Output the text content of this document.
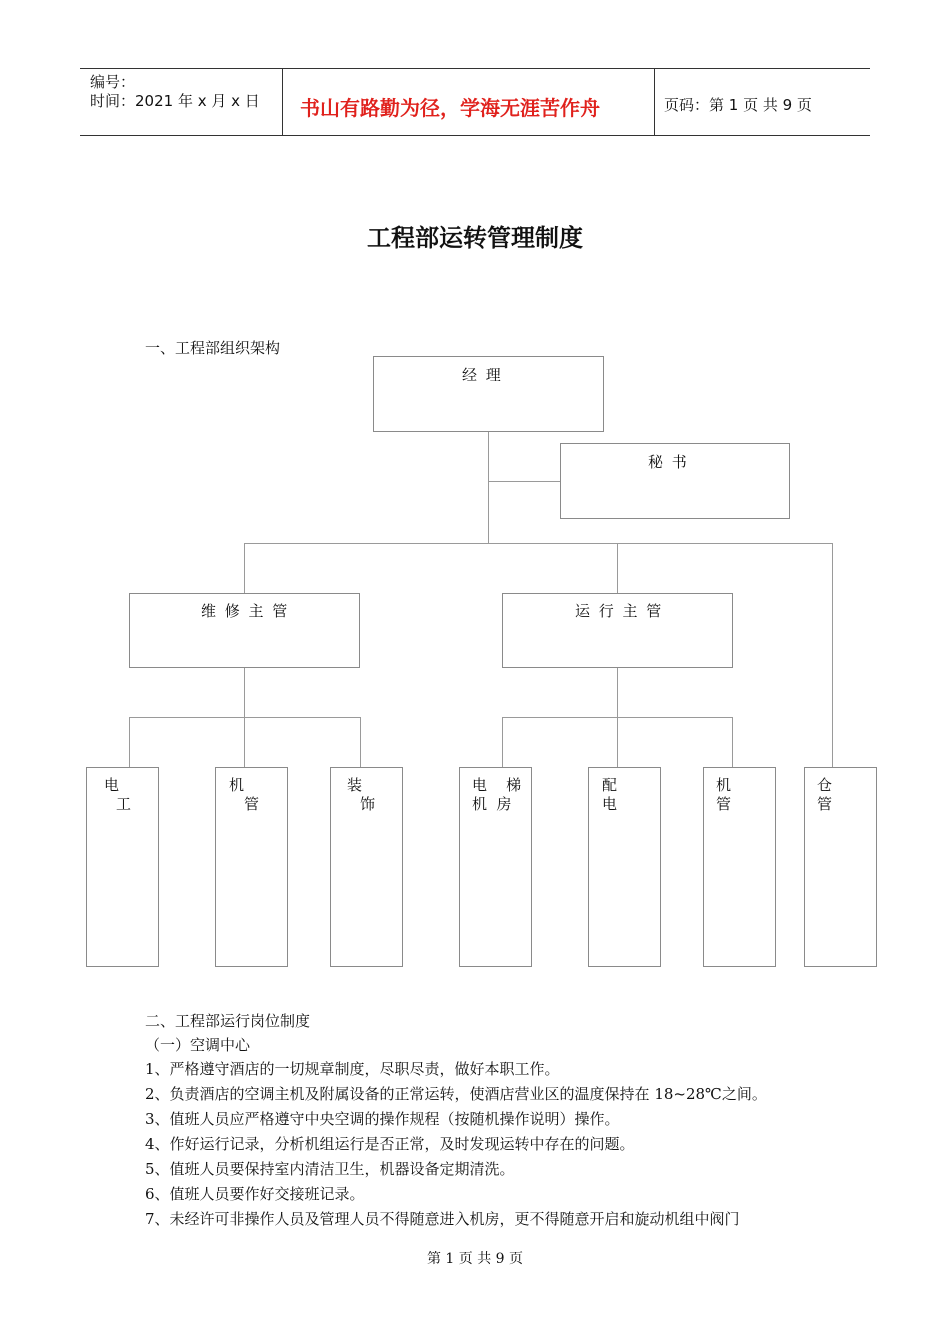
编号：
时间：2021 年 x 月 x 日 书山有路勤为径，学海无涯苦作舟	页码：第 1 页 共 9 页
工程部运转管理制度
一、工程部组织架构
经 理
秘 书
维 修 主 管	运 行 主 管
电
工
机
管
装
饰
电    梯
机  房
配
电
机
管
仓
管
二、工程部运行岗位制度
（一）空调中心
1、严格遵守酒店的一切规章制度，尽职尽责，做好本职工作。
2、负责酒店的空调主机及附属设备的正常运转，使酒店营业区的温度保持在 18~28℃之间。
3、值班人员应严格遵守中央空调的操作规程（按随机操作说明）操作。
4、作好运行记录，分析机组运行是否正常，及时发现运转中存在的问题。
5、值班人员要保持室内清洁卫生，机器设备定期清洗。
6、值班人员要作好交接班记录。
7、未经许可非操作人员及管理人员不得随意进入机房，更不得随意开启和旋动机组中阀门
第 1 页 共 9 页
